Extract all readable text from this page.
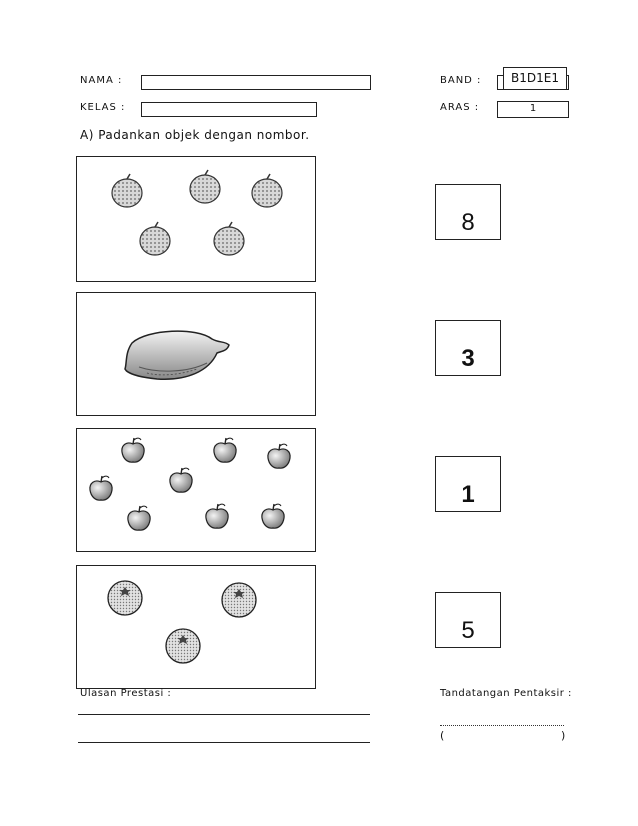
NAMA :	BAND :	B1D1E1
KELAS :	ARAS :	1
A) Padankan objek dengan nombor.
8
3
1
5
Ulasan Prestasi :	Tandatangan Pentaksir :
(	)
